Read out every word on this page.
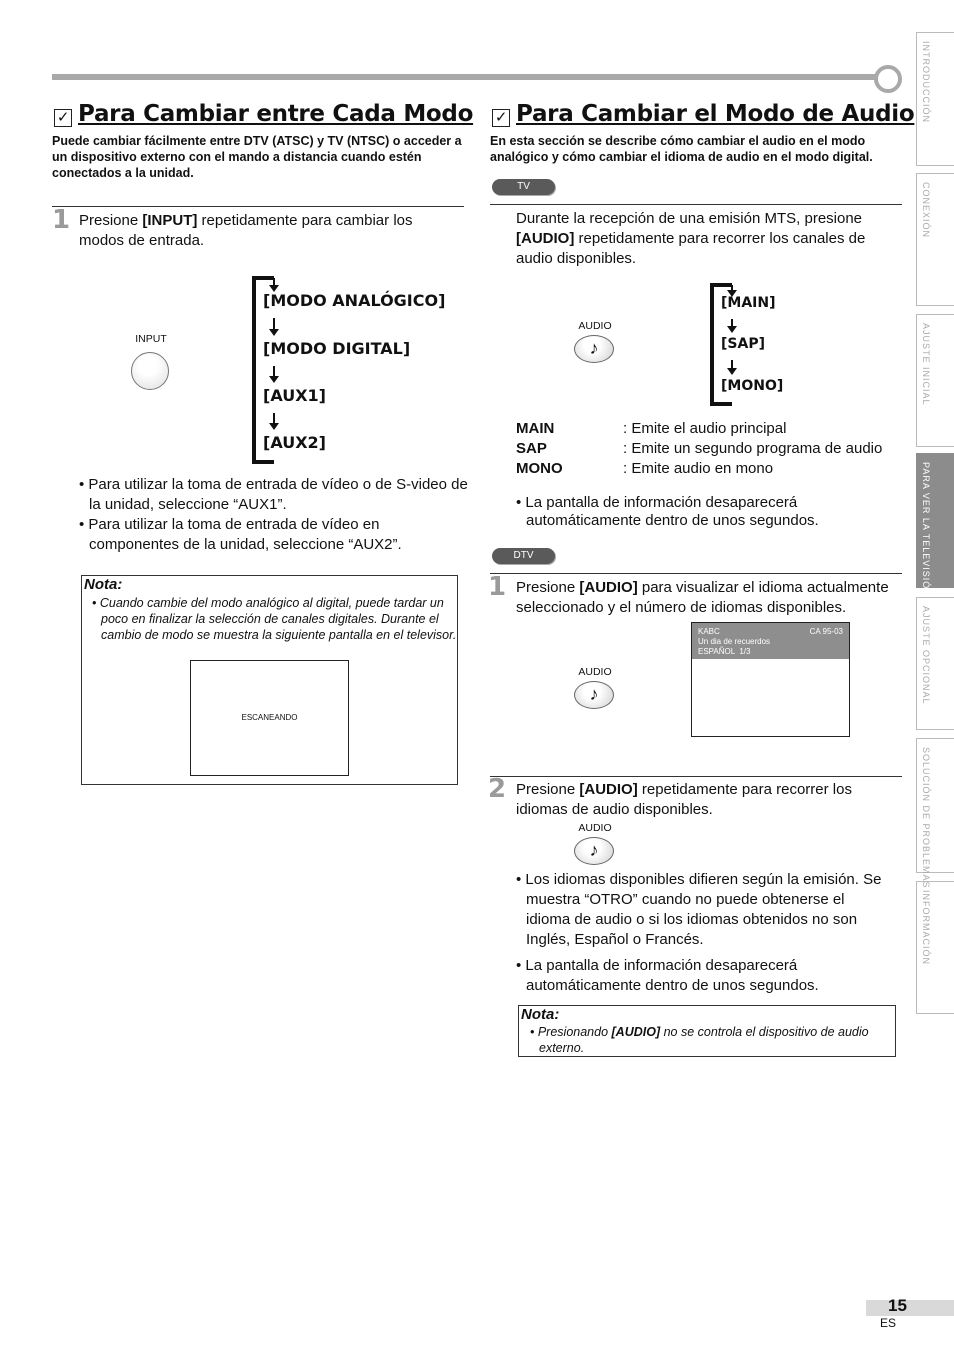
✓ Para Cambiar entre Cada Modo
Puede cambiar fácilmente entre DTV (ATSC) y TV (NTSC) o acceder a un dispositivo externo con el mando a distancia cuando estén conectados a la unidad.
1 Presione [INPUT] repetidamente para cambiar los modos de entrada.
INPUT
[MODO ANALÓGICO]
[MODO DIGITAL]
[AUX1]
[AUX2]
• Para utilizar la toma de entrada de vídeo o de S-video de la unidad, seleccione “AUX1”.
• Para utilizar la toma de entrada de vídeo en componentes de la unidad, seleccione “AUX2”.
Nota:
• Cuando cambie del modo analógico al digital, puede tardar un poco en finalizar la selección de canales digitales. Durante el cambio de modo se muestra la siguiente pantalla en el televisor.
ESCANEANDO
✓ Para Cambiar el Modo de Audio
En esta sección se describe cómo cambiar el audio en el modo analógico y cómo cambiar el idioma de audio en el modo digital.
TV
Durante la recepción de una emisión MTS, presione [AUDIO] repetidamente para recorrer los canales de audio disponibles.
AUDIO
♪
[MAIN]
[SAP]
[MONO]
MAIN	: Emite el audio principal
SAP	: Emite un segundo programa de audio
MONO	: Emite audio en mono
• La pantalla de información desaparecerá automáticamente dentro de unos segundos.
DTV
1 Presione [AUDIO] para visualizar el idioma actualmente seleccionado y el número de idiomas disponibles.
AUDIO
♪
KABC	CA 95-03
Un dia de recuerdos
ESPAÑOL  1/3
2 Presione [AUDIO] repetidamente para recorrer los idiomas de audio disponibles.
AUDIO
♪
• Los idiomas disponibles difieren según la emisión. Se muestra “OTRO” cuando no puede obtenerse el idioma de audio o si los idiomas obtenidos no son Inglés, Español o Francés.
• La pantalla de información desaparecerá automáticamente dentro de unos segundos.
Nota:
• Presionando [AUDIO] no se controla el dispositivo de audio externo.
INTRODUCCIÓN
CONEXIÓN
AJUSTE INICIAL
PARA VER LA TELEVISIÓN
AJUSTE OPCIONAL
SOLUCIÓN DE PROBLEMAS
INFORMACIÓN
15
ES
